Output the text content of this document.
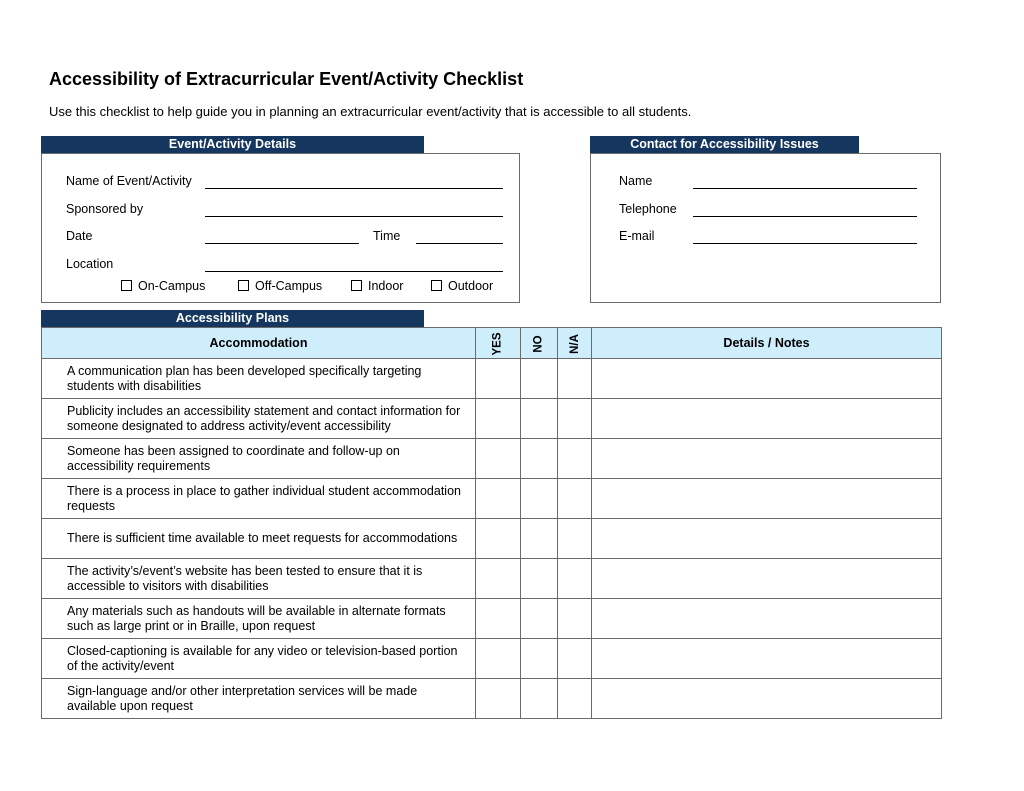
Accessibility of Extracurricular Event/Activity Checklist
Use this checklist to help guide you in planning an extracurricular event/activity that is accessible to all students.
Event/Activity Details
Name of Event/Activity
Sponsored by
Date	Time
Location
On-Campus	Off-Campus	Indoor	Outdoor
Contact for Accessibility Issues
Name
Telephone
E-mail
Accessibility Plans
Accommodation	YES	NO	N/A	Details / Notes
A communication plan has been developed specifically targeting students with disabilities				
Publicity includes an accessibility statement and contact information for someone designated to address activity/event accessibility				
Someone has been assigned to coordinate and follow-up on accessibility requirements				
There is a process in place to gather individual student accommodation requests				
There is sufficient time available to meet requests for accommodations				
The activity’s/event’s website has been tested to ensure that it is accessible to visitors with disabilities				
Any materials such as handouts will be available in alternate formats such as large print or in Braille, upon request				
Closed-captioning is available for any video or television-based portion of the activity/event				
Sign-language and/or other interpretation services will be made available upon request				
